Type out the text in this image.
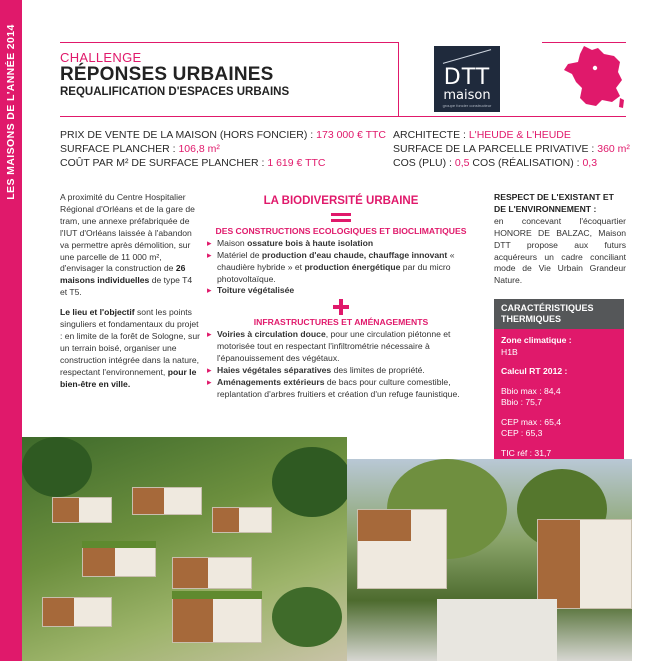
LES MAISONS DE L'ANNÉE 2014	CHALLENGE
RÉPONSES URBAINES
REQUALIFICATION D'ESPACES URBAINS
DTT
maison
groupe foncier constructeur
PRIX DE VENTE DE LA MAISON (HORS FONCIER) : 173 000 € TTC
SURFACE PLANCHER : 106,8 m²
COÛT PAR M² DE SURFACE PLANCHER : 1 619 € TTC
ARCHITECTE : L'HEUDE & L'HEUDE
SURFACE DE LA PARCELLE PRIVATIVE : 360 m²
COS (PLU) : 0,5 COS (RÉALISATION) : 0,3

A proximité du Centre Hospitalier Régional d'Orléans et de la gare de tram, une annexe préfabriquée de l'IUT d'Orléans laissée à l'abandon va permettre après démolition, sur une parcelle de 11 000 m², d'envisager la construction de 26 maisons individuelles de type T4 et T5.

Le lieu et l'objectif sont les points singuliers et fondamentaux du projet : en limite de la forêt de Sologne, sur un terrain boisé, organiser une construction intégrée dans la nature, respectant l'environnement, pour le bien-être en ville.

LA BIODIVERSITÉ URBAINE
DES CONSTRUCTIONS ECOLOGIQUES ET BIOCLIMATIQUES
▸ Maison ossature bois à haute isolation
▸ Matériel de production d'eau chaude, chauffage innovant « chaudière hybride » et production énergétique par du micro photovoltaïque.
▸ Toiture végétalisée
INFRASTRUCTURES ET AMÉNAGEMENTS
▸ Voiries à circulation douce, pour une circulation piétonne et motorisée tout en respectant l'infiltrométrie nécessaire à l'épanouissement des végétaux.
▸ Haies végétales séparatives des limites de propriété.
▸ Aménagements extérieurs de bacs pour culture comestible, replantation d'arbres fruitiers et création d'un refuge faunistique.
RESPECT DE L'EXISTANT ET DE L'ENVIRONNEMENT :
en concevant l'écoquartier HONORE DE BALZAC, Maison DTT propose aux futurs acquéreurs un cadre conciliant mode de Vie Urbain Grandeur Nature.
CARACTÉRISTIQUES THERMIQUES
Zone climatique :
H1B
Calcul RT 2012 :
Bbio max : 84,4
Bbio : 75,7
CEP max : 65,4
CEP : 65,3
TIC réf : 31,7
